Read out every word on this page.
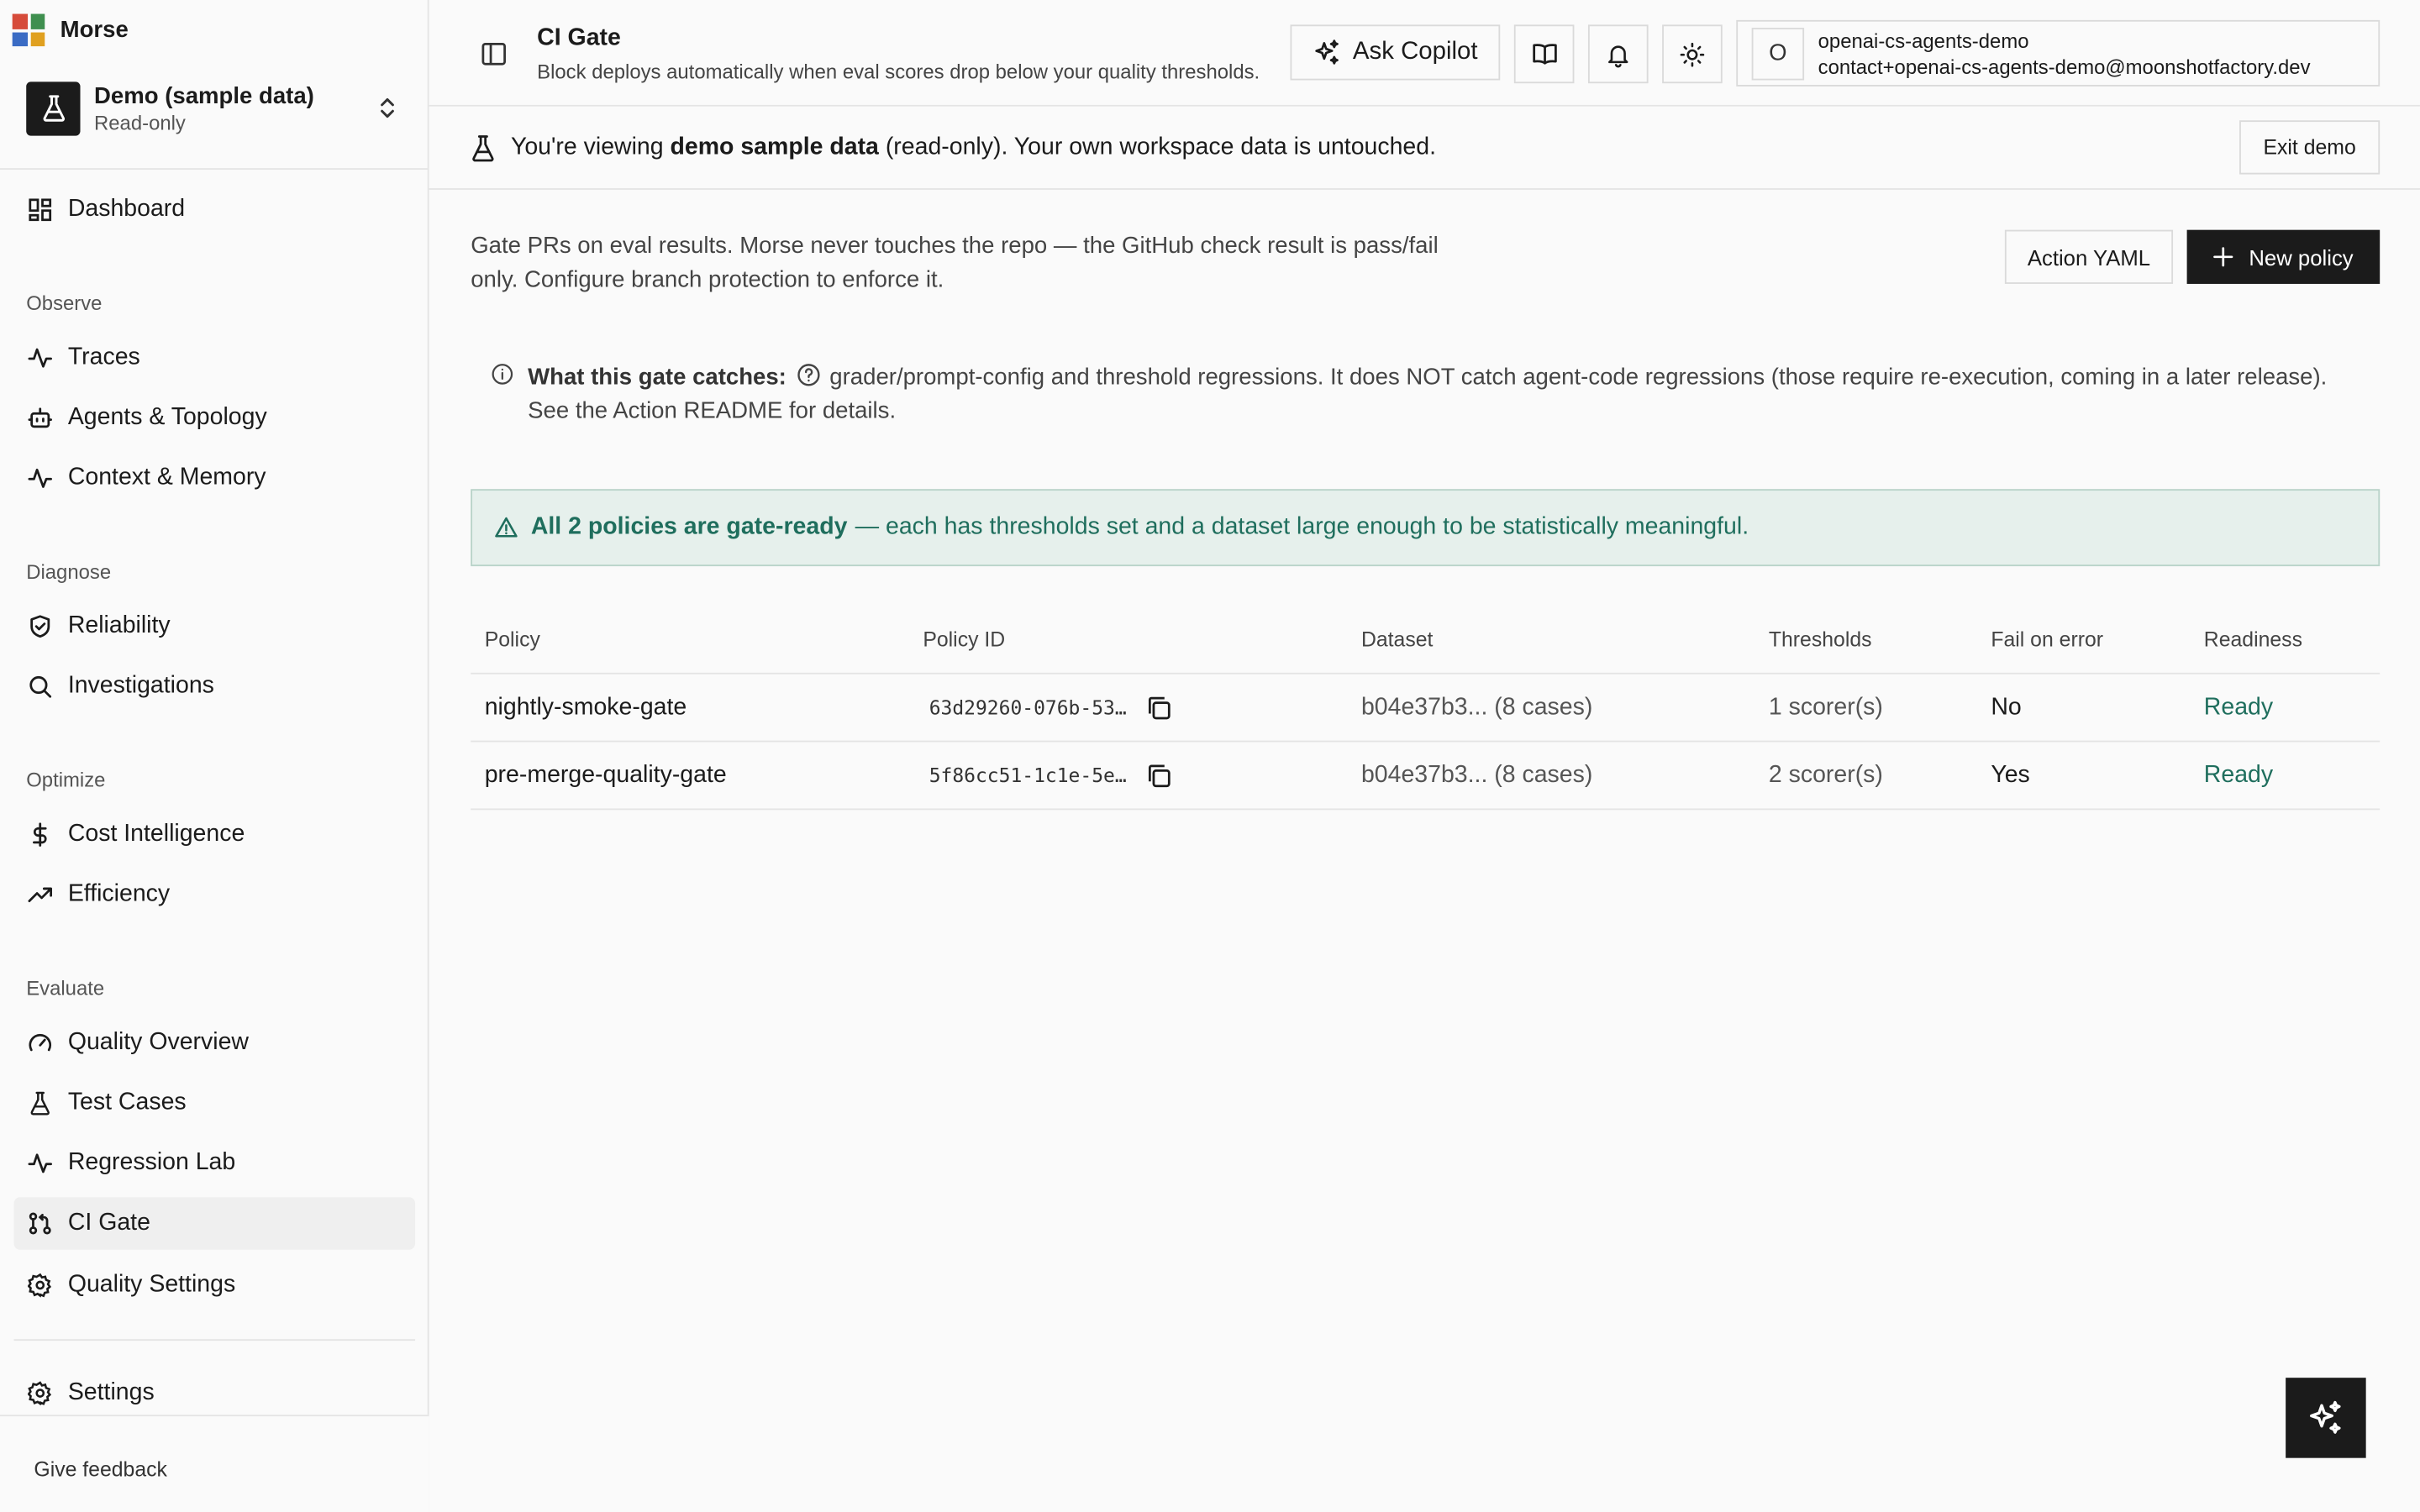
Morse
Demo (sample data)
Read-only
Dashboard
Observe
Traces
Agents & Topology
Context & Memory
Diagnose
Reliability
Investigations
Optimize
Cost Intelligence
Efficiency
Evaluate
Quality Overview
Test Cases
Regression Lab
CI Gate
Quality Settings
Settings
Give feedback
CI Gate
Block deploys automatically when eval scores drop below your quality thresholds.
Ask Copilot	O	openai-cs-agents-demo
contact+openai-cs-agents-demo@moonshotfactory.dev
You're viewing demo sample data (read-only). Your own workspace data is untouched.	Exit demo

Gate PRs on eval results. Morse never touches the repo — the GitHub check result is pass/fail only. Configure branch protection to enforce it.

Action YAML	New policy

What this gate catches:	grader/prompt-config and threshold regressions. It does NOT catch agent-code regressions (those require re-execution, coming in a later release). See the Action README for details.

All 2 policies are gate-ready — each has thresholds set and a dataset large enough to be statistically meaningful.
Policy	Policy ID	Dataset	Thresholds	Fail on error	Readiness
nightly-smoke-gate	63d29260-076b-53…	b04e37b3... (8 cases)	1 scorer(s)	No	Ready
pre-merge-quality-gate	5f86cc51-1c1e-5e…	b04e37b3... (8 cases)	2 scorer(s)	Yes	Ready
